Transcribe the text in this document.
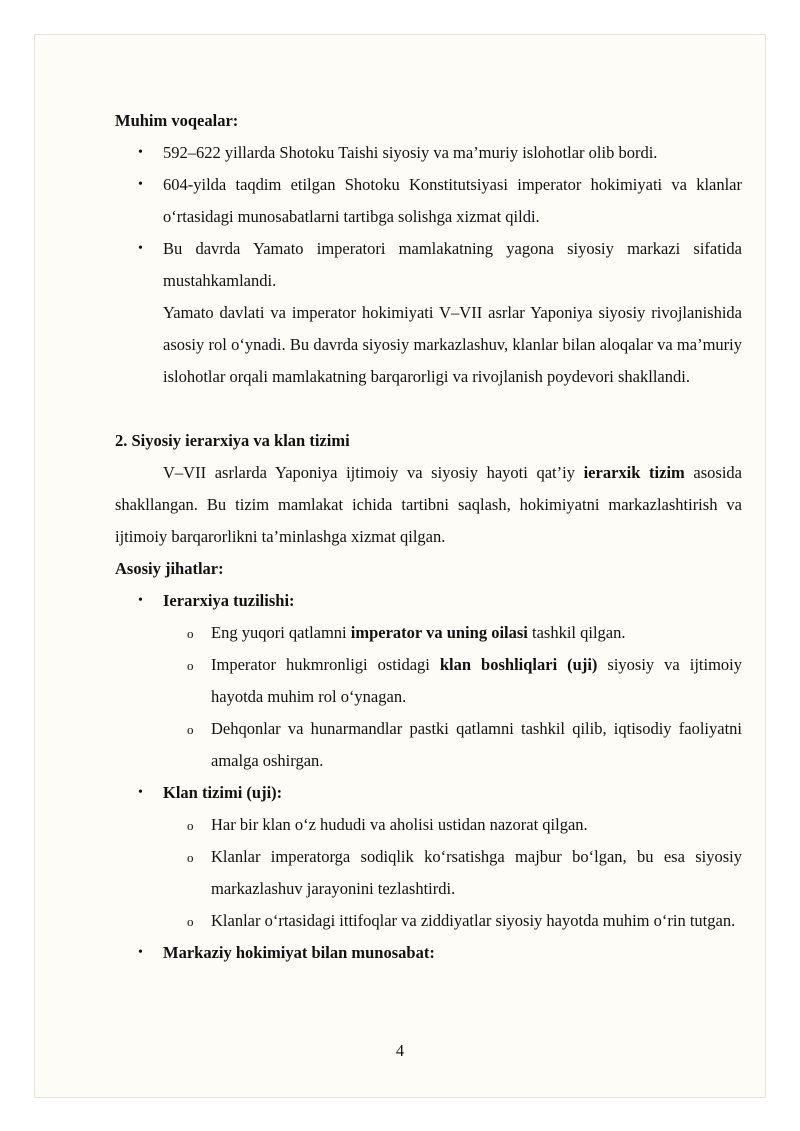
Muhim voqealar:

• 592–622 yillarda Shotoku Taishi siyosiy va ma’muriy islohotlar olib bordi.
• 604-yilda taqdim etilgan Shotoku Konstitutsiyasi imperator hokimiyati va klanlar o‘rtasidagi munosabatlarni tartibga solishga xizmat qildi.
• Bu davrda Yamato imperatori mamlakatning yagona siyosiy markazi sifatida mustahkamlandi.

Yamato davlati va imperator hokimiyati V–VII asrlar Yaponiya siyosiy rivojlanishida asosiy rol o‘ynadi. Bu davrda siyosiy markazlashuv, klanlar bilan aloqalar va ma’muriy islohotlar orqali mamlakatning barqarorligi va rivojlanish poydevori shakllandi.

2. Siyosiy ierarxiya va klan tizimi

V–VII asrlarda Yaponiya ijtimoiy va siyosiy hayoti qat’iy ierarxik tizim asosida shakllangan. Bu tizim mamlakat ichida tartibni saqlash, hokimiyatni markazlashtirish va ijtimoiy barqarorlikni ta’minlashga xizmat qilgan.

Asosiy jihatlar:

• Ierarxiya tuzilishi:
o Eng yuqori qatlamni imperator va uning oilasi tashkil qilgan.
o Imperator hukmronligi ostidagi klan boshliqlari (uji) siyosiy va ijtimoiy hayotda muhim rol o‘ynagan.
o Dehqonlar va hunarmandlar pastki qatlamni tashkil qilib, iqtisodiy faoliyatni amalga oshirgan.
• Klan tizimi (uji):
o Har bir klan o‘z hududi va aholisi ustidan nazorat qilgan.
o Klanlar imperatorga sodiqlik ko‘rsatishga majbur bo‘lgan, bu esa siyosiy markazlashuv jarayonini tezlashtirdi.
o Klanlar o‘rtasidagi ittifoqlar va ziddiyatlar siyosiy hayotda muhim o‘rin tutgan.
• Markaziy hokimiyat bilan munosabat:
4
